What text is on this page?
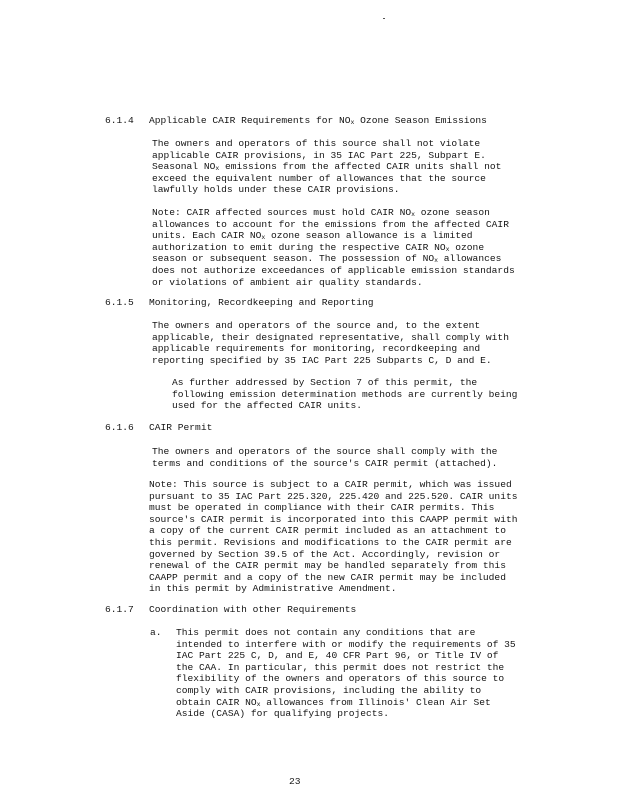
6.1.4 Applicable CAIR Requirements for $NO_x$ Ozone Season Emissions
The owners and operators of this source shall not violate applicable CAIR provisions, in 35 IAC Part 225, Subpart E. Seasonal $NO_x$ emissions from the affected CAIR units shall not exceed the equivalent number of allowances that the source lawfully holds under these CAIR provisions.
Note: CAIR affected sources must hold CAIR $NO_x$ ozone season allowances to account for the emissions from the affected CAIR units. Each CAIR $NO_x$ ozone season allowance is a limited authorization to emit during the respective CAIR $NO_x$ ozone season or subsequent season. The possession of $NO_x$ allowances does not authorize exceedances of applicable emission standards or violations of ambient air quality standards.
6.1.5 Monitoring, Recordkeeping and Reporting
The owners and operators of the source and, to the extent applicable, their designated representative, shall comply with applicable requirements for monitoring, recordkeeping and reporting specified by 35 IAC Part 225 Subparts C, D and E.
As further addressed by Section 7 of this permit, the following emission determination methods are currently being used for the affected CAIR units.
6.1.6 CAIR Permit
The owners and operators of the source shall comply with the terms and conditions of the source's CAIR permit (attached).
Note: This source is subject to a CAIR permit, which was issued pursuant to 35 IAC Part 225.320, 225.420 and 225.520. CAIR units must be operated in compliance with their CAIR permits. This source's CAIR permit is incorporated into this CAAPP permit with a copy of the current CAIR permit included as an attachment to this permit. Revisions and modifications to the CAIR permit are governed by Section 39.5 of the Act. Accordingly, revision or renewal of the CAIR permit may be handled separately from this CAAPP permit and a copy of the new CAIR permit may be included in this permit by Administrative Amendment.
6.1.7 Coordination with other Requirements
a. This permit does not contain any conditions that are intended to interfere with or modify the requirements of 35 IAC Part 225 C, D, and E, 40 CFR Part 96, or Title IV of the CAA. In particular, this permit does not restrict the flexibility of the owners and operators of this source to comply with CAIR provisions, including the ability to obtain CAIR $NO_x$ allowances from Illinois' Clean Air Set Aside (CASA) for qualifying projects.
23
